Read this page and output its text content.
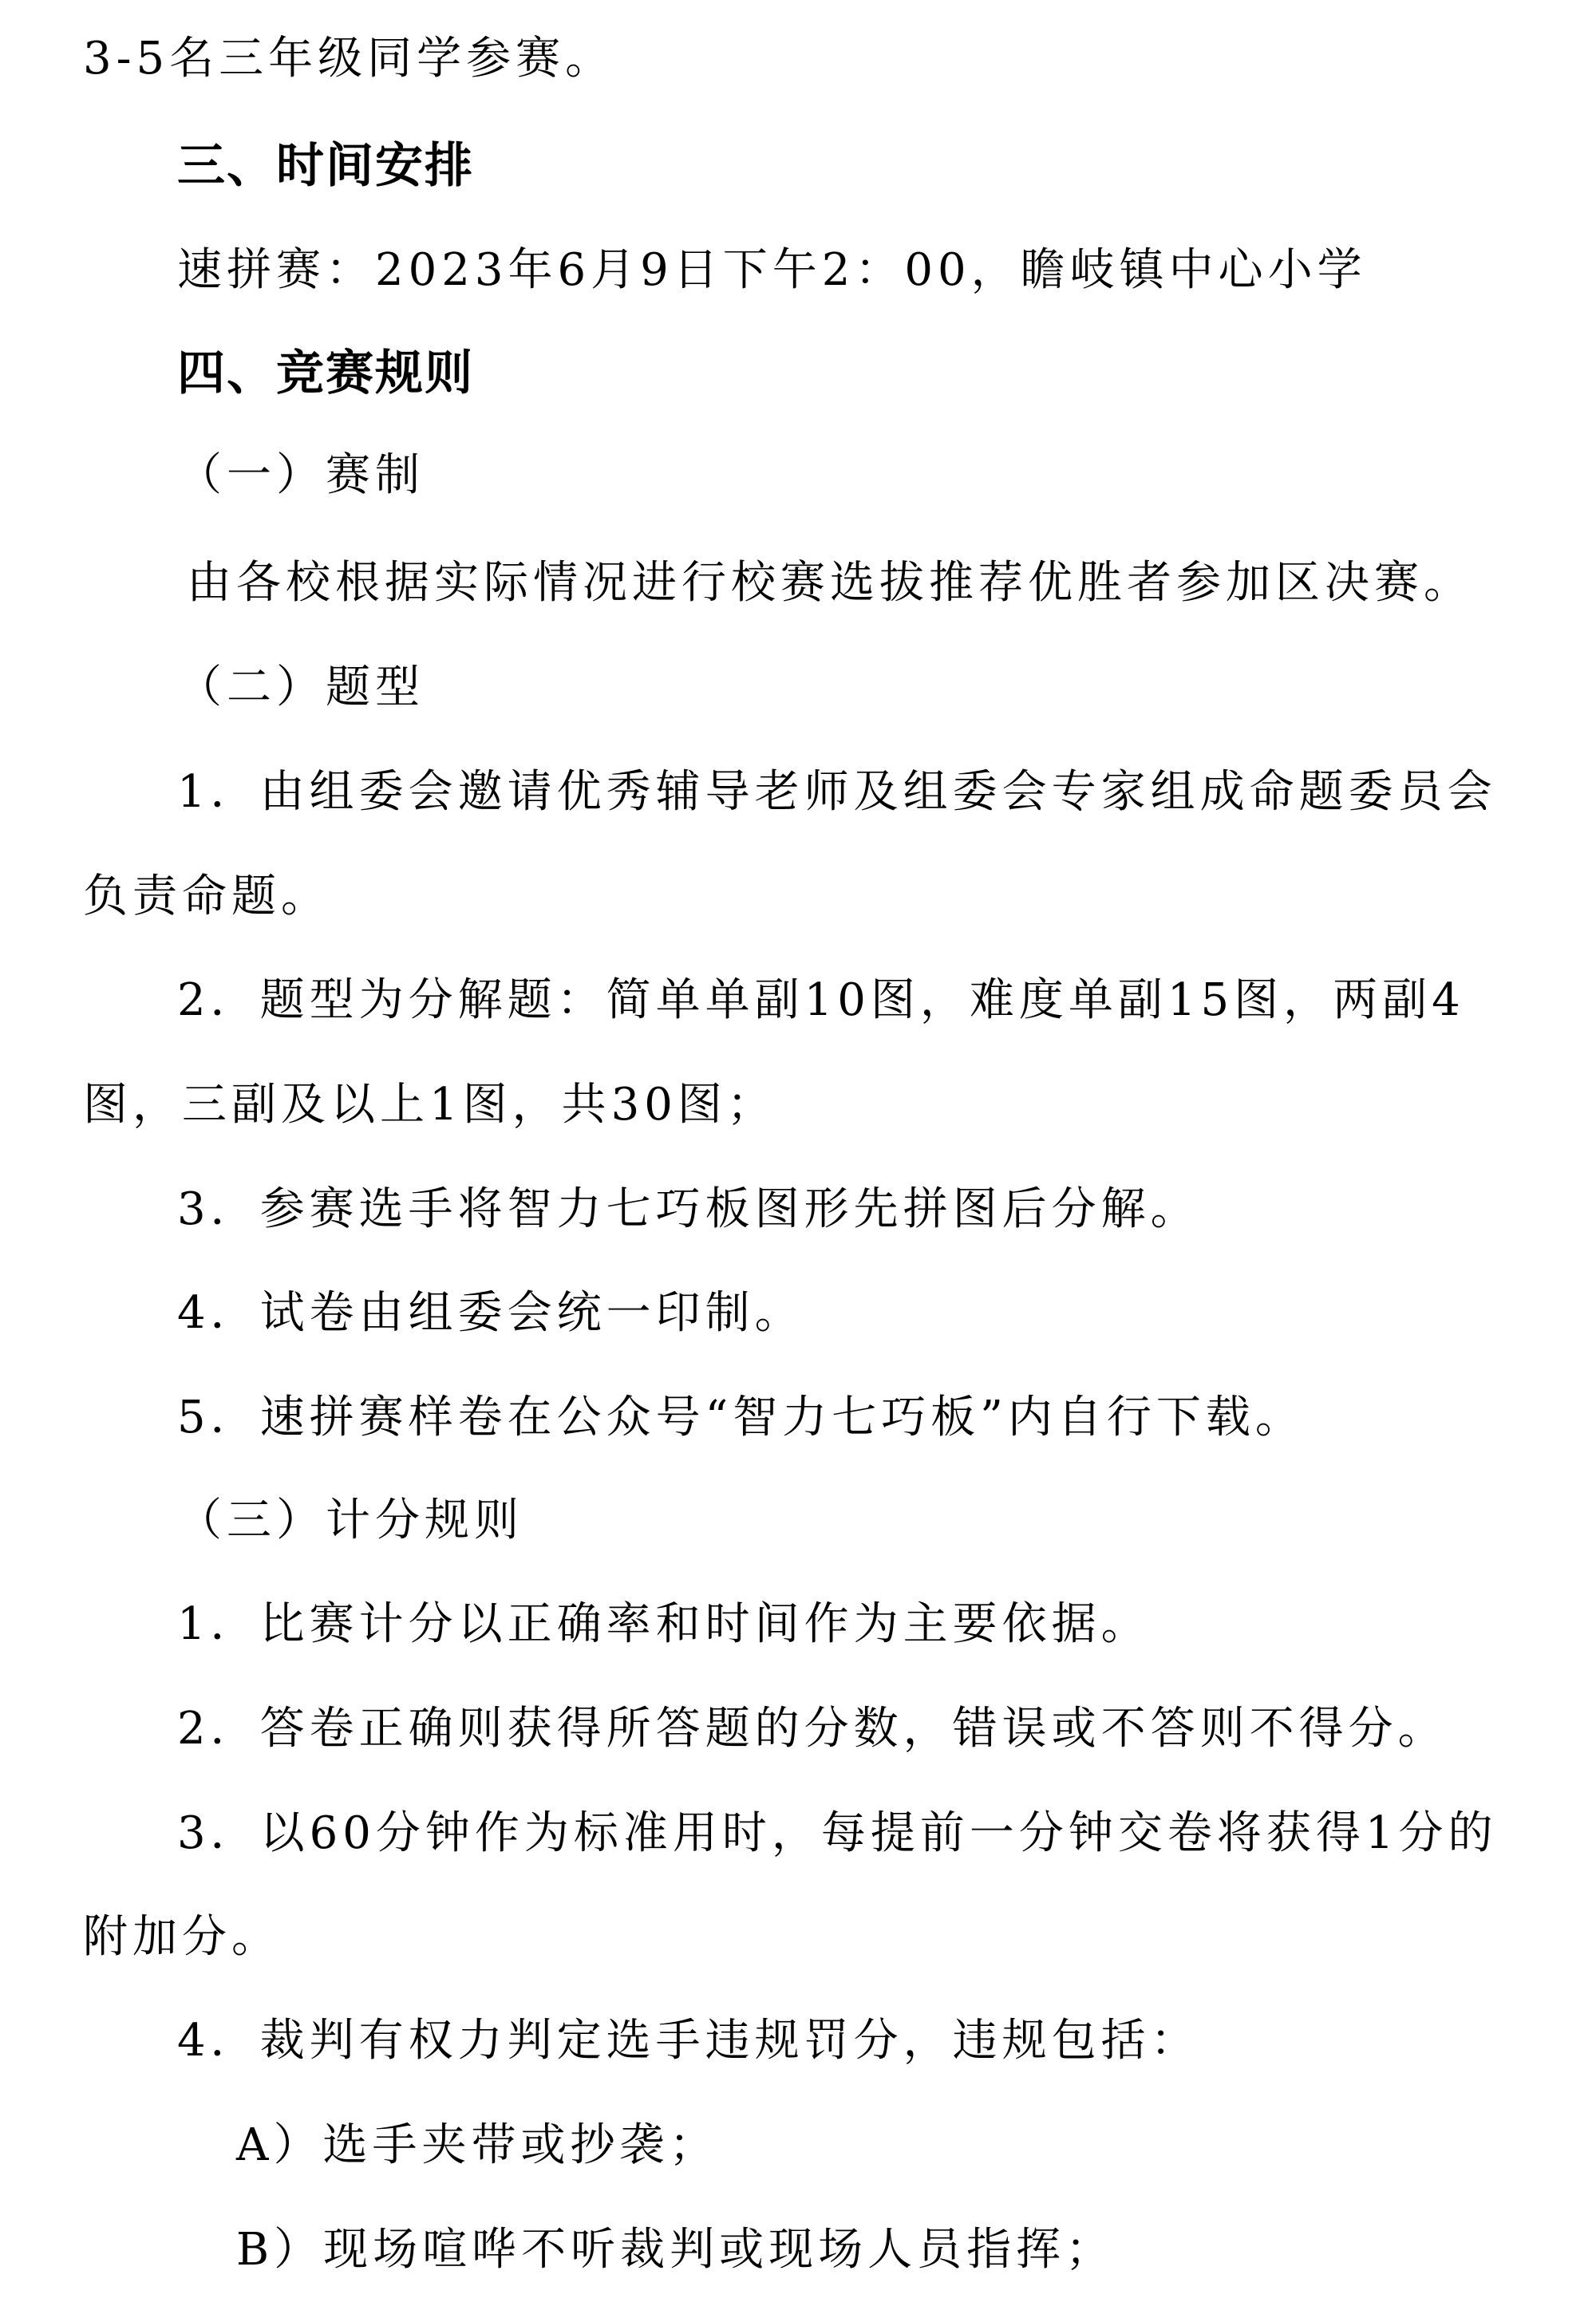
3-5名三年级同学参赛。
三、时间安排
速拼赛：2023年6月9日下午2：00，瞻岐镇中心小学
四、竞赛规则
（一）赛制
由各校根据实际情况进行校赛选拔推荐优胜者参加区决赛。
（二）题型
1．由组委会邀请优秀辅导老师及组委会专家组成命题委员会
负责命题。
2．题型为分解题：简单单副10图，难度单副15图，两副4
图，三副及以上1图，共30图；
3．参赛选手将智力七巧板图形先拼图后分解。
4．试卷由组委会统一印制。
5．速拼赛样卷在公众号“智力七巧板”内自行下载。
（三）计分规则
1．比赛计分以正确率和时间作为主要依据。
2．答卷正确则获得所答题的分数，错误或不答则不得分。
3．以60分钟作为标准用时，每提前一分钟交卷将获得1分的
附加分。
4．裁判有权力判定选手违规罚分，违规包括：
A）选手夹带或抄袭；
B）现场喧哗不听裁判或现场人员指挥；
